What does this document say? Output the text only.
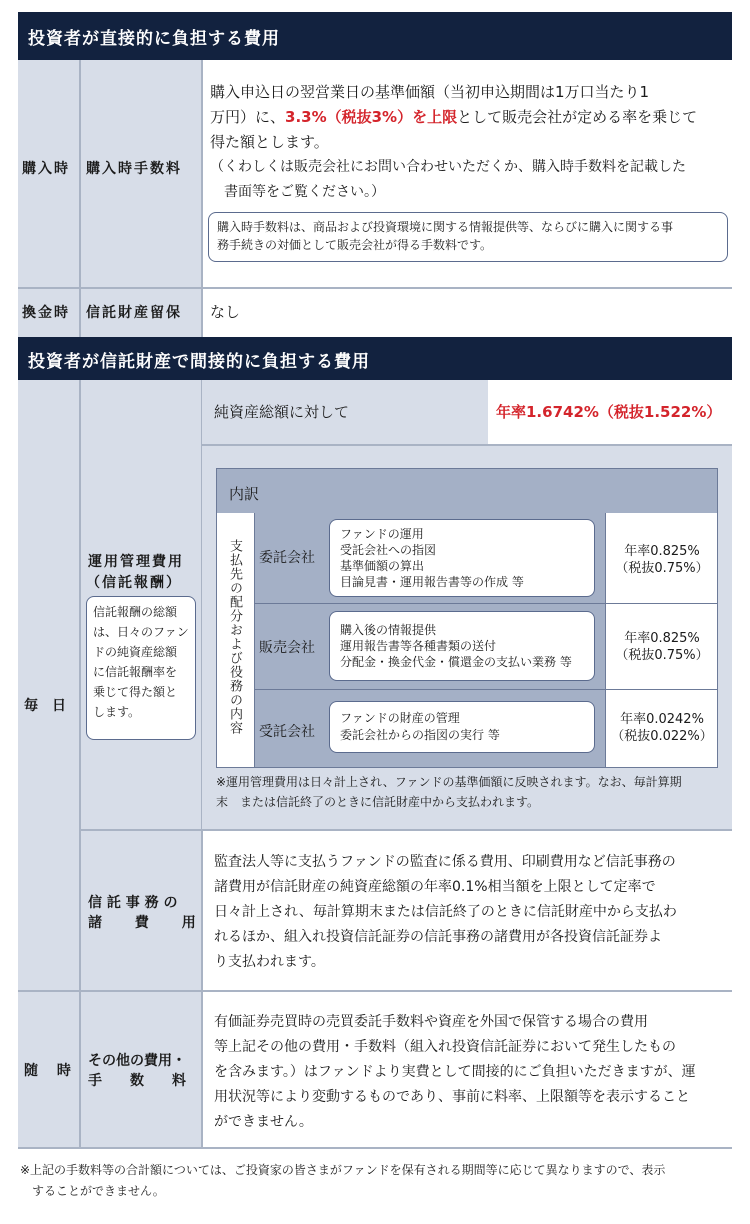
投資者が直接的に負担する費用
購入時 購入時手数料
購入申込日の翌営業日の基準価額（当初申込期間は1万口当たり1
万円）に、3.3%（税抜3%）を上限として販売会社が定める率を乗じて
得た額とします。
（くわしくは販売会社にお問い合わせいただくか、購入時手数料を記載した
書面等をご覧ください。）
購入時手数料は、商品および投資環境に関する情報提供等、ならびに購入に関する事
務手続きの対価として販売会社が得る手数料です。
換金時 信託財産留保 なし
投資者が信託財産で間接的に負担する費用
純資産総額に対して	年率1.6742%（税抜1.522%）
毎　日
運用管理費用
（信託報酬）
信託報酬の総額
は、日々のファン
ドの純資産総額
に信託報酬率を
乗じて得た額と
します。
内訳
支払先の配分および役務の内容 委託会社
ファンドの運用
受託会社への指図
基準価額の算出
目論見書・運用報告書等の作成 等
年率0.825%
（税抜0.75%）
販売会社
購入後の情報提供
運用報告書等各種書類の送付
分配金・換金代金・償還金の支払い業務 等
年率0.825%
（税抜0.75%）
受託会社
ファンドの財産の管理
委託会社からの指図の実行 等
年率0.0242%
（税抜0.022%）
※運用管理費用は日々計上され、ファンドの基準価額に反映されます。なお、毎計算期
末　または信託終了のときに信託財産中から支払われます。
信 託 事 務 の
諸　　 費　　 用
監査法人等に支払うファンドの監査に係る費用、印刷費用など信託事務の
諸費用が信託財産の純資産総額の年率0.1%相当額を上限として定率で
日々計上され、毎計算期末または信託終了のときに信託財産中から支払わ
れるほか、組入れ投資信託証券の信託事務の諸費用が各投資信託証券よ
り支払われます。
随　 時
その他の費用・
手　　数　　料
有価証券売買時の売買委託手数料や資産を外国で保管する場合の費用
等上記その他の費用・手数料（組入れ投資信託証券において発生したもの
を含みます。）はファンドより実費として間接的にご負担いただきますが、運
用状況等により変動するものであり、事前に料率、上限額等を表示すること
ができません。
※上記の手数料等の合計額については、ご投資家の皆さまがファンドを保有される期間等に応じて異なりますので、表示
することができません。
